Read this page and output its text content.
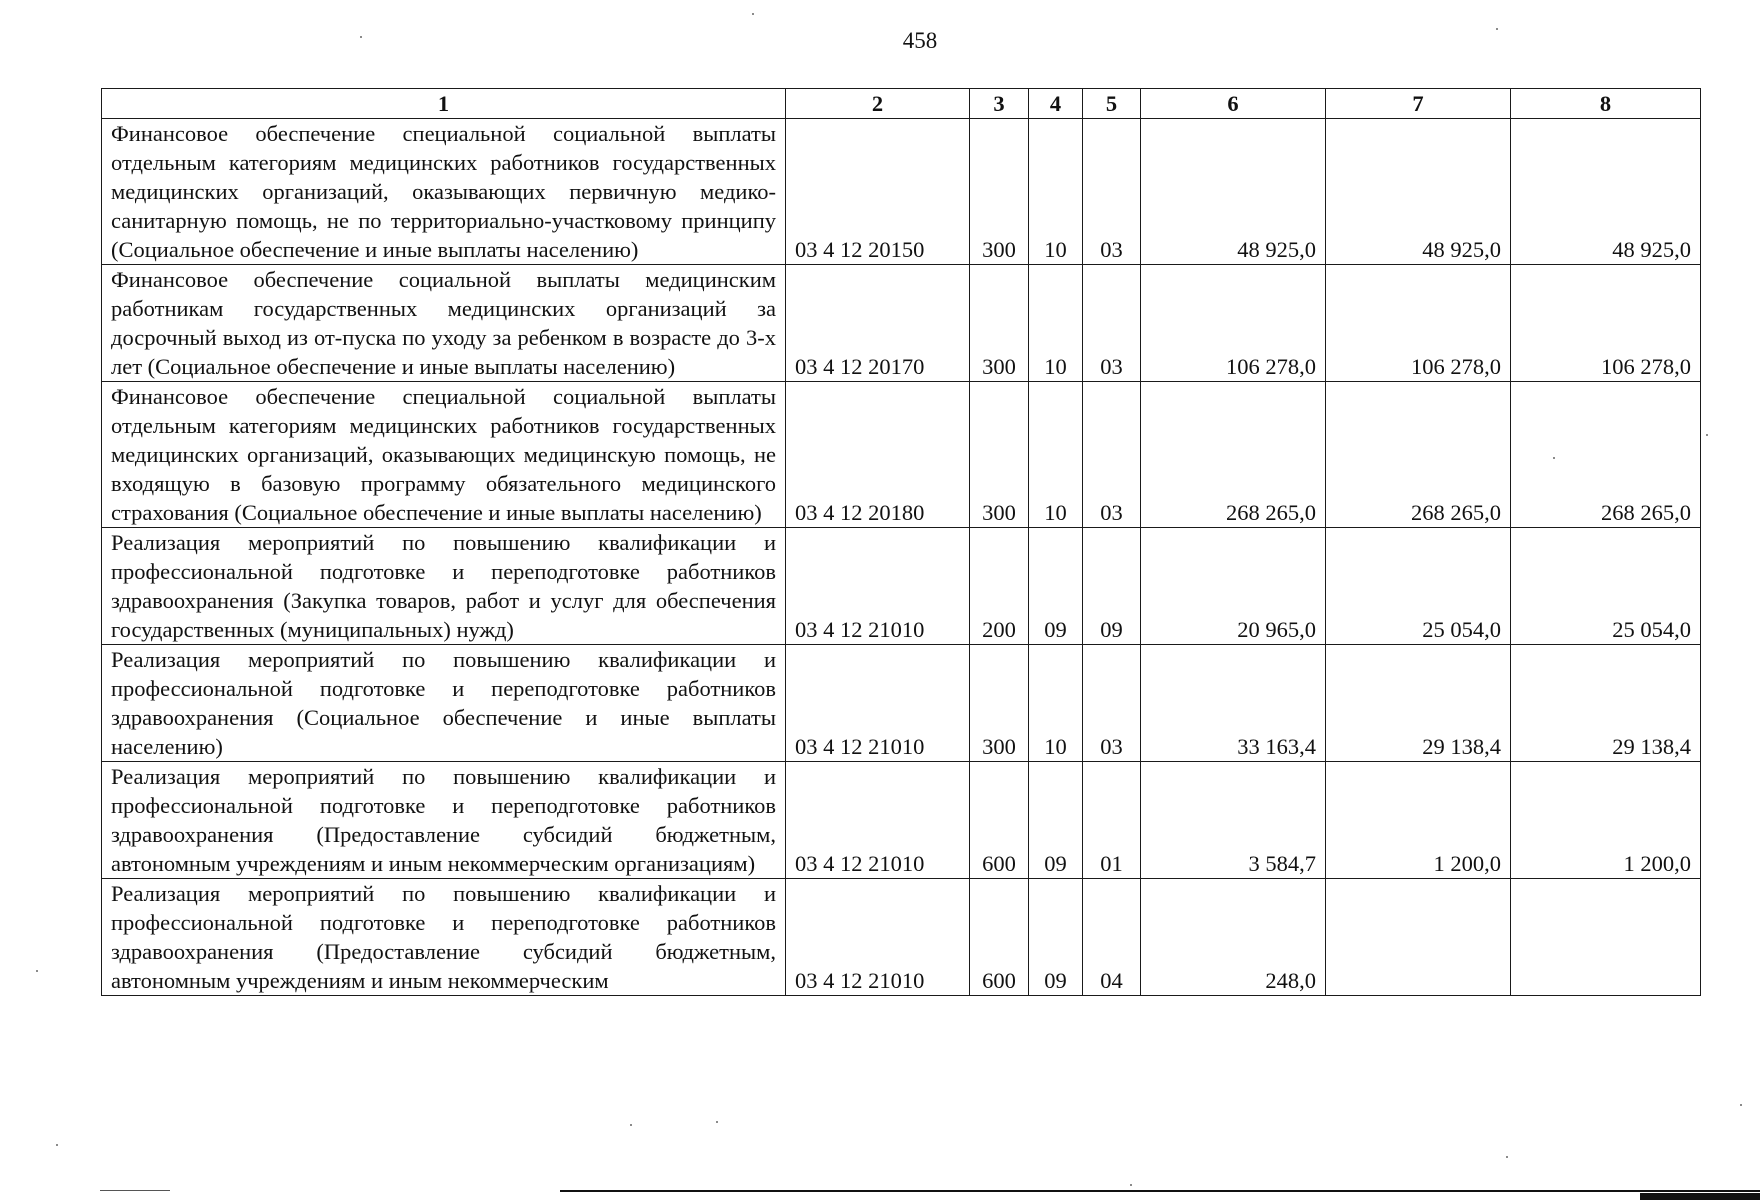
458
1	2	3	4	5	6	7	8
Финансовое обеспечение специальной социальной выплаты отдельным категориям медицинских работников государственных медицинских организаций, оказывающих первичную медико-санитарную помощь, не по территориально-участковому принципу (Социальное обеспечение и иные выплаты населению)	03 4 12 20150	300	10	03	48 925,0	48 925,0	48 925,0
Финансовое обеспечение социальной выплаты медицинским работникам государственных медицинских организаций за досрочный выход из от-пуска по уходу за ребенком в возрасте до 3-х лет (Социальное обеспечение и иные выплаты населению)	03 4 12 20170	300	10	03	106 278,0	106 278,0	106 278,0
Финансовое обеспечение специальной социальной выплаты отдельным категориям медицинских работников государственных медицинских организаций, оказывающих медицинскую помощь, не входящую в базовую программу обязательного медицинского страхования (Социальное обеспечение и иные выплаты населению)	03 4 12 20180	300	10	03	268 265,0	268 265,0	268 265,0
Реализация мероприятий по повышению квалификации и профессиональной подготовке и переподготовке работников здравоохранения (Закупка товаров, работ и услуг для обеспечения государственных (муниципальных) нужд)	03 4 12 21010	200	09	09	20 965,0	25 054,0	25 054,0
Реализация мероприятий по повышению квалификации и профессиональной подготовке и переподготовке работников здравоохранения (Социальное обеспечение и иные выплаты населению)	03 4 12 21010	300	10	03	33 163,4	29 138,4	29 138,4
Реализация мероприятий по повышению квалификации и профессиональной подготовке и переподготовке работников здравоохранения (Предоставление субсидий бюджетным, автономным учреждениям и иным некоммерческим организациям)	03 4 12 21010	600	09	01	3 584,7	1 200,0	1 200,0
Реализация мероприятий по повышению квалификации и профессиональной подготовке и переподготовке работников здравоохранения (Предоставление субсидий бюджетным, автономным учреждениям и иным некоммерческим	03 4 12 21010	600	09	04	248,0		
